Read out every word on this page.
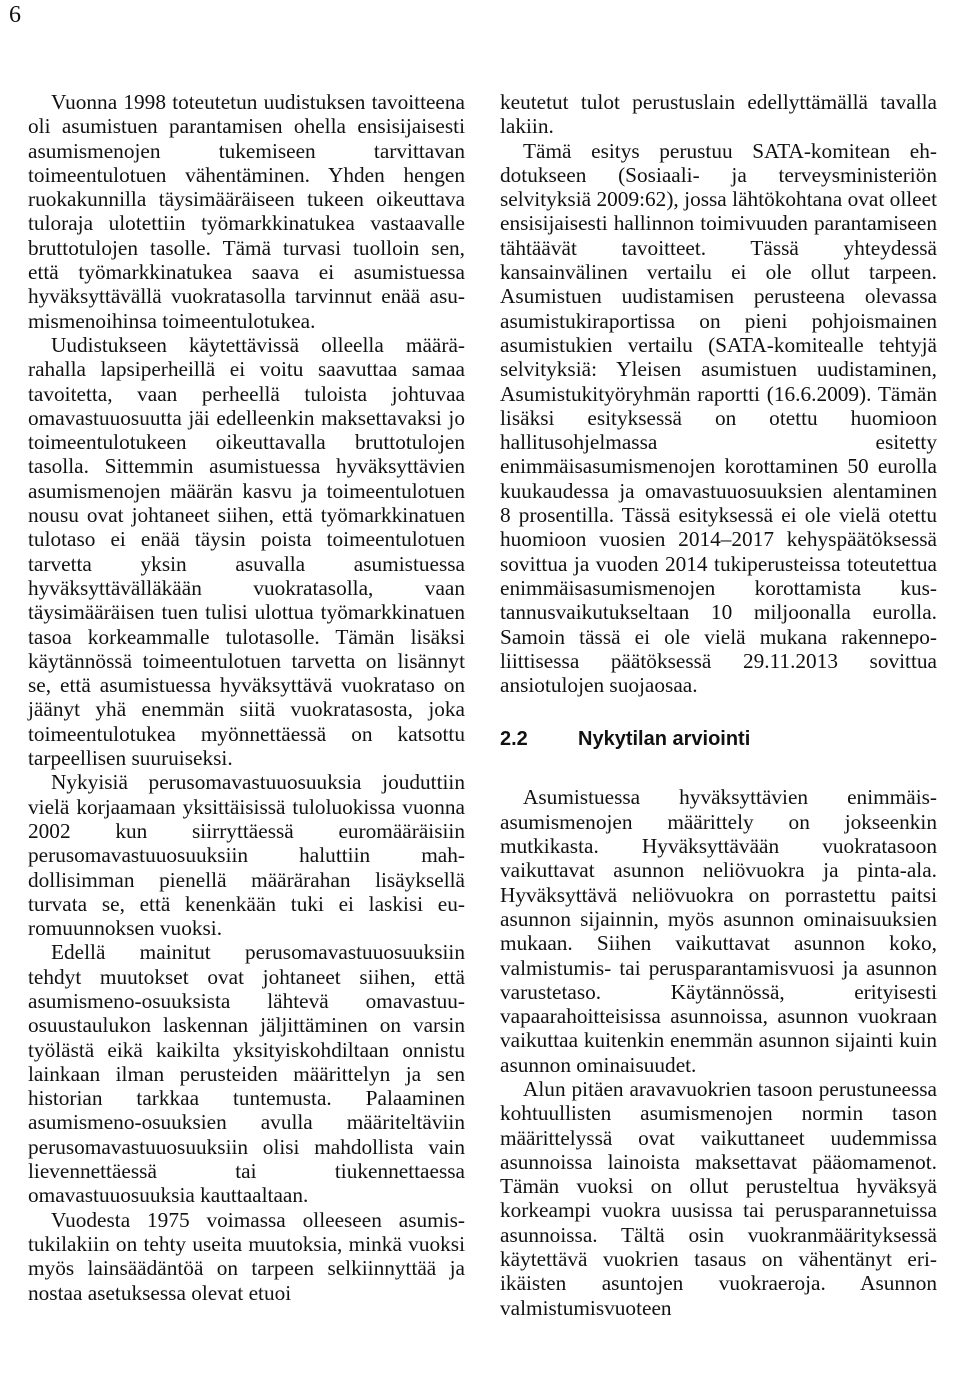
6

Vuonna 1998 toteutetun uudistuksen tavoitteena oli asumistuen parantamisen ohella ensisijaisesti asumismenojen tukemiseen tarvittavan toimeentulotuen vähentäminen. Yhden hengen ruokakunnilla täysimääräiseen tukeen oikeuttava tuloraja ulotettiin työmarkkinatukea vastaavalle bruttotulojen tasolle. Tämä turvasi tuolloin sen, että työmarkkinatukea saava ei asumistuessa hyväksyttävällä vuokratasolla tarvinnut enää asumismenoihinsa toimeentulotukea.

Uudistukseen käytettävissä olleella määrärahalla lapsiperheillä ei voitu saavuttaa samaa tavoitetta, vaan perheellä tuloista johtuvaa omavastuuosuutta jäi edelleenkin maksettavaksi jo toimeentulotukeen oikeuttavalla bruttotulojen tasolla. Sittemmin asumistuessa hyväksyttävien asumismenojen määrän kasvu ja toimeentulotuen nousu ovat johtaneet siihen, että työmarkkinatuen tulotaso ei enää täysin poista toimeentulotuen tarvetta yksin asuvalla asumistuessa hyväksyttävälläkään vuokratasolla, vaan täysimääräisen tuen tulisi ulottua työmarkkinatuen tasoa korkeammalle tulotasolle. Tämän lisäksi käytännössä toimeentulotuen tarvetta on lisännyt se, että asumistuessa hyväksyttävä vuokrataso on jäänyt yhä enemmän siitä vuokratasosta, joka toimeentulotukea myönnettäessä on katsottu tarpeellisen suuruiseksi.

Nykyisiä perusomavastuuosuuksia jouduttiin vielä korjaamaan yksittäisissä tuloluokissa vuonna 2002 kun siirryttäessä euromääräisiin perusomavastuuosuuksiin haluttiin mahdollisimman pienellä määrärahan lisäyksellä turvata se, että kenenkään tuki ei laskisi euromuunnoksen vuoksi.

Edellä mainitut perusomavastuuosuuksiin tehdyt muutokset ovat johtaneet siihen, että asumismeno-osuuksista lähtevä omavastuuosuustaulukon laskennan jäljittäminen on varsin työlästä eikä kaikilta yksityiskohdiltaan onnistu lainkaan ilman perusteiden määrittelyn ja sen historian tarkkaa tuntemusta. Palaaminen asumismeno-osuuksien avulla määriteltäviin perusomavastuuosuuksiin olisi mahdollista vain lievennettäessä tai tiukennettaessa omavastuuosuuksia kauttaaltaan.

Vuodesta 1975 voimassa olleeseen asumistukilakiin on tehty useita muutoksia, minkä vuoksi myös lainsäädäntöä on tarpeen selkiinnyttää ja nostaa asetuksessa olevat etuoi

keutetut tulot perustuslain edellyttämällä tavalla lakiin.

Tämä esitys perustuu SATA-komitean ehdotukseen (Sosiaali- ja terveysministeriön selvityksiä 2009:62), jossa lähtökohtana ovat olleet ensisijaisesti hallinnon toimivuuden parantamiseen tähtäävät tavoitteet. Tässä yhteydessä kansainvälinen vertailu ei ole ollut tarpeen. Asumistuen uudistamisen perusteena olevassa asumistukiraportissa on pieni pohjoismainen asumistukien vertailu (SATA-komitealle tehtyjä selvityksiä: Yleisen asumistuen uudistaminen, Asumistukityöryhmän raportti (16.6.2009). Tämän lisäksi esityksessä on otettu huomioon hallitusohjelmassa esitetty enimmäisasumismenojen korottaminen 50 eurolla kuukaudessa ja omavastuuosuuksien alentaminen 8 prosentilla. Tässä esityksessä ei ole vielä otettu huomioon vuosien 2014–2017 kehyspäätöksessä sovittua ja vuoden 2014 tukiperusteissa toteutettua enimmäisasumismenojen korottamista kustannusvaikutukseltaan 10 miljoonalla eurolla. Samoin tässä ei ole vielä mukana rakennepoliittisessa päätöksessä 29.11.2013 sovittua ansiotulojen suojaosaa.

2.2	Nykytilan arviointi

Asumistuessa hyväksyttävien enimmäisasumismenojen määrittely on jokseenkin mutkikasta. Hyväksyttävään vuokratasoon vaikuttavat asunnon neliövuokra ja pinta-ala. Hyväksyttävä neliövuokra on porrastettu paitsi asunnon sijainnin, myös asunnon ominaisuuksien mukaan. Siihen vaikuttavat asunnon koko, valmistumis- tai perusparantamisvuosi ja asunnon varustetaso. Käytännössä, erityisesti vapaarahoitteisissa asunnoissa, asunnon vuokraan vaikuttaa kuitenkin enemmän asunnon sijainti kuin asunnon ominaisuudet.

Alun pitäen aravavuokrien tasoon perustuneessa kohtuullisten asumismenojen normin tason määrittelyssä ovat vaikuttaneet uudemmissa asunnoissa lainoista maksettavat pääomamenot. Tämän vuoksi on ollut perusteltua hyväksyä korkeampi vuokra uusissa tai perusparannetuissa asunnoissa. Tältä osin vuokranmäärityksessä käytettävä vuokrien tasaus on vähentänyt eri-ikäisten asuntojen vuokraeroja. Asunnon valmistumisvuoteen
